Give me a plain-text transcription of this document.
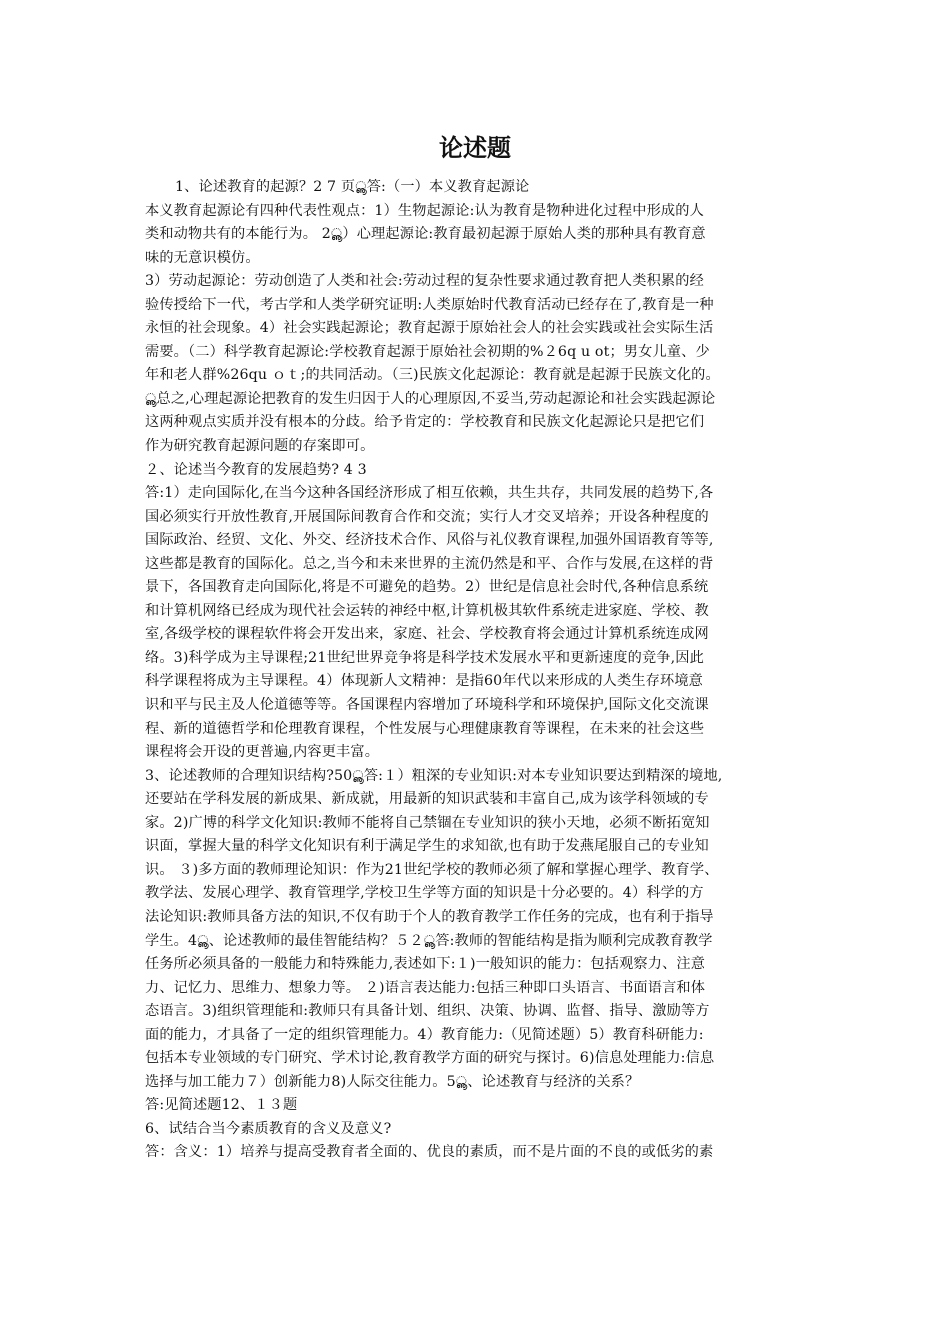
论述题
1、论述教育的起源？2 7 页ൣ答:（一）本义教育起源论
本义教育起源论有四种代表性观点：1）生物起源论:认为教育是物种进化过程中形成的人
类和动物共有的本能行为。 2ൣ）心理起源论:教育最初起源于原始人类的那种具有教育意
味的无意识模仿。
3）劳动起源论：劳动创造了人类和社会:劳动过程的复杂性要求通过教育把人类积累的经
验传授给下一代，考古学和人类学研究证明:人类原始时代教育活动已经存在了,教育是一种
永恒的社会现象。4）社会实践起源论；教育起源于原始社会人的社会实践或社会实际生活
需要。（二）科学教育起源论:学校教育起源于原始社会初期的%２6q u ot；男女儿童、少
年和老人群%26qu ｏｔ;的共同活动。（三)民族文化起源论：教育就是起源于民族文化的。
ൣ总之,心理起源论把教育的发生归因于人的心理原因,不妥当,劳动起源论和社会实践起源论
这两种观点实质并没有根本的分歧。给予肯定的：学校教育和民族文化起源论只是把它们
作为研究教育起源问题的存案即可。
２、论述当今教育的发展趋势? 4 3
答:1）走向国际化,在当今这种各国经济形成了相互依赖，共生共存，共同发展的趋势下,各
国必须实行开放性教育,开展国际间教育合作和交流；实行人才交叉培养；开设各种程度的
国际政治、经贸、文化、外交、经济技术合作、风俗与礼仪教育课程,加强外国语教育等等,
这些都是教育的国际化。总之,当今和未来世界的主流仍然是和平、合作与发展,在这样的背
景下，各国教育走向国际化,将是不可避免的趋势。2）世纪是信息社会时代,各种信息系统
和计算机网络已经成为现代社会运转的神经中枢,计算机极其软件系统走进家庭、学校、教
室,各级学校的课程软件将会开发出来，家庭、社会、学校教育将会通过计算机系统连成网
络。3)科学成为主导课程;21世纪世界竞争将是科学技术发展水平和更新速度的竞争,因此
科学课程将成为主导课程。4）体现新人文精神：是指60年代以来形成的人类生存环境意
识和平与民主及人伦道德等等。各国课程内容增加了环境科学和环境保护,国际文化交流课
程、新的道德哲学和伦理教育课程，个性发展与心理健康教育等课程，在未来的社会这些
课程将会开设的更普遍,内容更丰富。
3、论述教师的合理知识结构?50ൣ答:１）粗深的专业知识:对本专业知识要达到精深的境地,
还要站在学科发展的新成果、新成就，用最新的知识武装和丰富自己,成为该学科领域的专
家。2)广博的科学文化知识:教师不能将自己禁锢在专业知识的狭小天地，必须不断拓宽知
识面，掌握大量的科学文化知识有利于满足学生的求知欲,也有助于发燕尾服自己的专业知
识。 ３)多方面的教师理论知识：作为21世纪学校的教师必须了解和掌握心理学、教育学、
教学法、发展心理学、教育管理学,学校卫生学等方面的知识是十分必要的。4）科学的方
法论知识:教师具备方法的知识,不仅有助于个人的教育教学工作任务的完成，也有利于指导
学生。4ൣ、论述教师的最佳智能结构？５２ൣ答:教师的智能结构是指为顺利完成教育教学
任务所必须具备的一般能力和特殊能力,表述如下:１)一般知识的能力：包括观察力、注意
力、记忆力、思维力、想象力等。 ２)语言表达能力:包括三种即口头语言、书面语言和体
态语言。3)组织管理能和:教师只有具备计划、组织、决策、协调、监督、指导、激励等方
面的能力，才具备了一定的组织管理能力。4）教育能力:（见简述题）5）教育科研能力:
包括本专业领域的专门研究、学术讨论,教育教学方面的研究与探讨。6)信息处理能力:信息
选择与加工能力７）创新能力8)人际交往能力。5ൣ、论述教育与经济的关系？
答:见简述题12、１３题
6、试结合当今素质教育的含义及意义?
答：含义：1）培养与提高受教育者全面的、优良的素质，而不是片面的不良的或低劣的素
